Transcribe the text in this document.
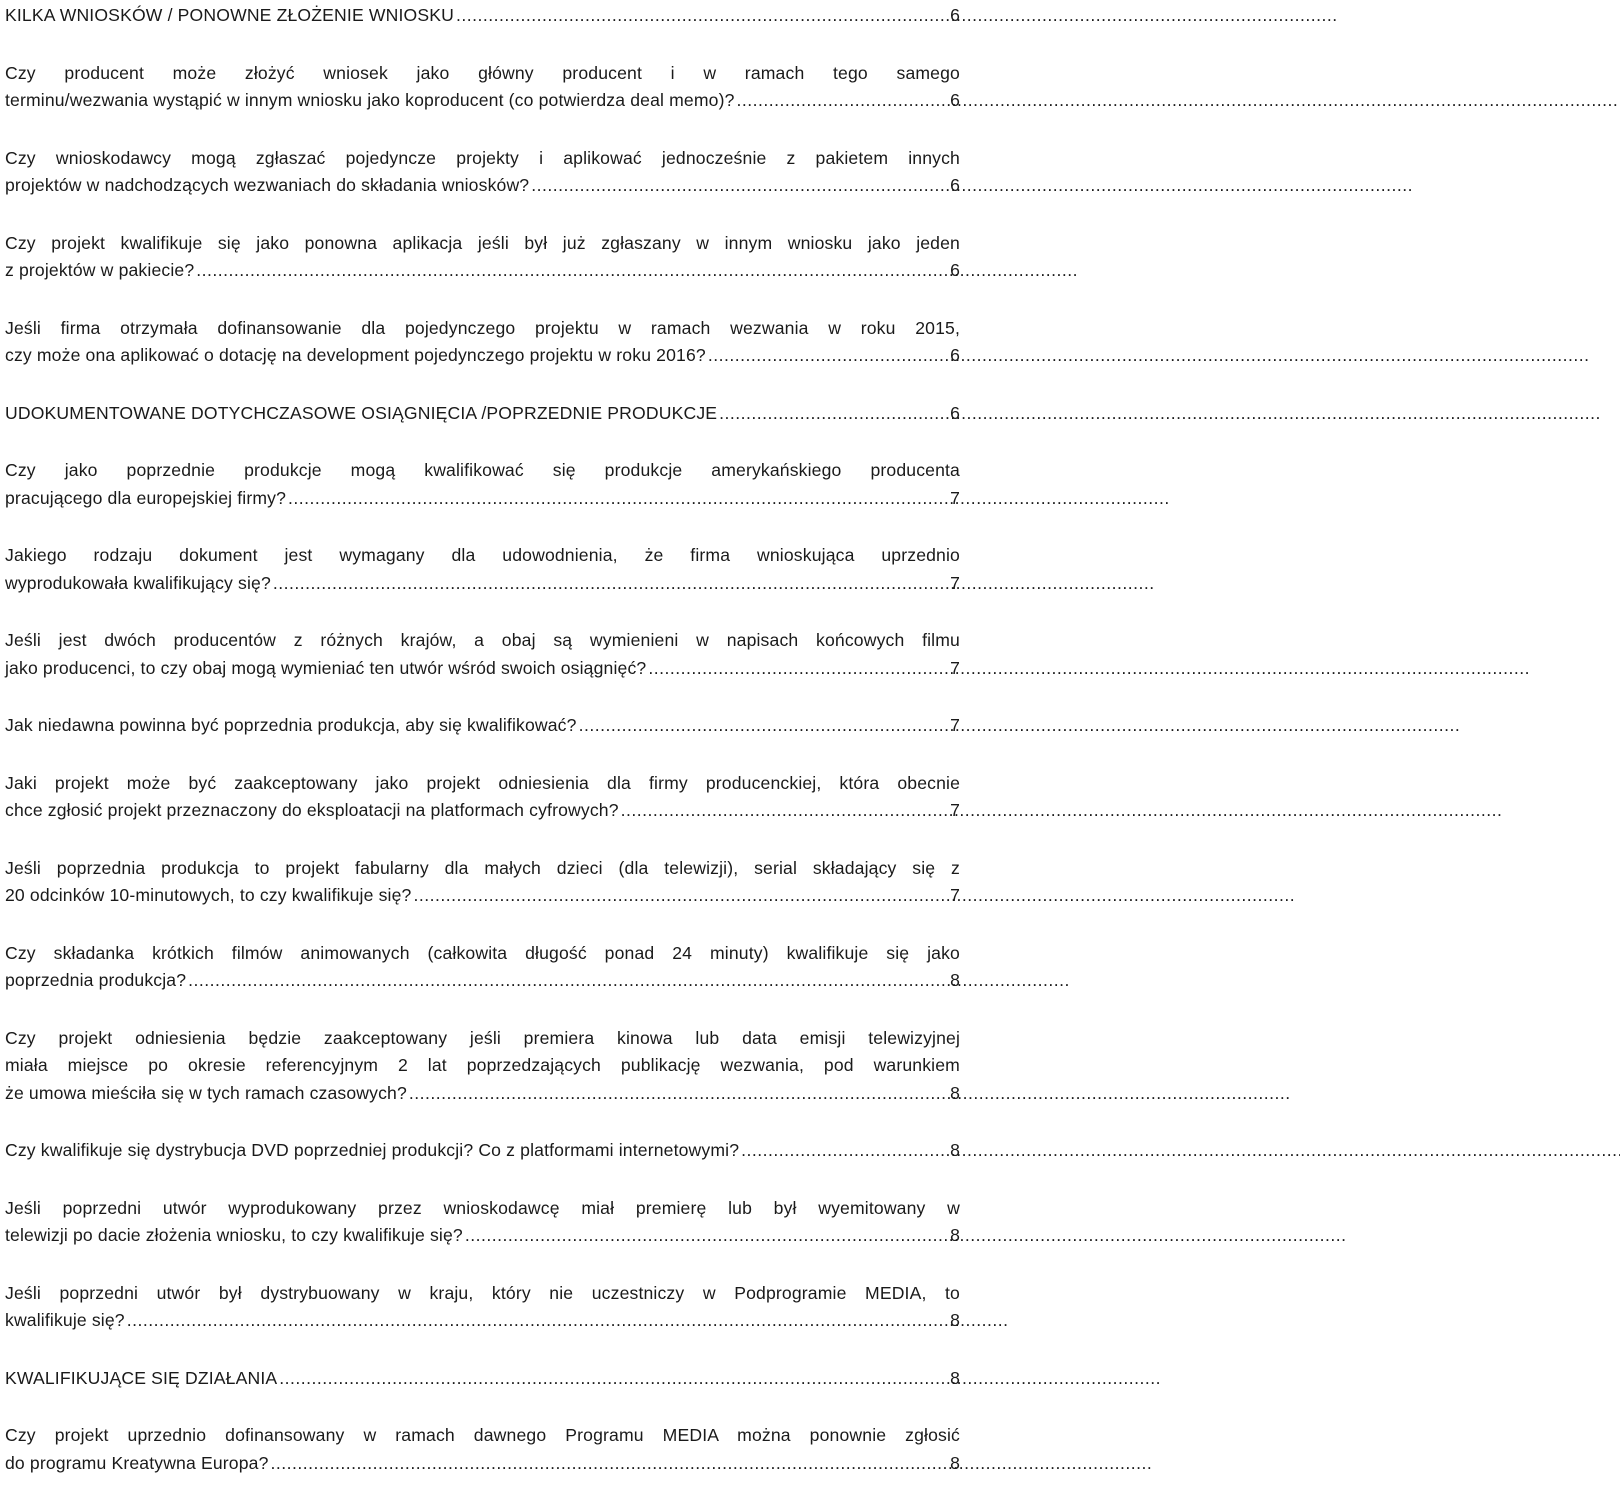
KILKA WNIOSKÓW / PONOWNE ZŁOŻENIE WNIOSKU . . .	6
Czy producent może złożyć wniosek jako główny producent i w ramach tego samego
terminu/wezwania wystąpić w innym wniosku jako koproducent (co potwierdza deal memo)? . . .	6
Czy wnioskodawcy mogą zgłaszać pojedyncze projekty i aplikować jednocześnie z pakietem innych
projektów w nadchodzących wezwaniach do składania wniosków? . . .	6
Czy projekt kwalifikuje się jako ponowna aplikacja jeśli był już zgłaszany w innym wniosku jako jeden
z projektów w pakiecie? . . .	6
Jeśli firma otrzymała dofinansowanie dla pojedynczego projektu w ramach wezwania w roku 2015,
czy może ona aplikować o dotację na development pojedynczego projektu w roku 2016? . . .	6
UDOKUMENTOWANE DOTYCHCZASOWE OSIĄGNIĘCIA /POPRZEDNIE PRODUKCJE . . .	6
Czy jako poprzednie produkcje mogą kwalifikować się produkcje amerykańskiego producenta
pracującego dla europejskiej firmy? . . .	7
Jakiego rodzaju dokument jest wymagany dla udowodnienia, że firma wnioskująca uprzednio
wyprodukowała kwalifikujący się? . . .	7
Jeśli jest dwóch producentów z różnych krajów, a obaj są wymienieni w napisach końcowych filmu
jako producenci, to czy obaj mogą wymieniać ten utwór wśród swoich osiągnięć? . . .	7
Jak niedawna powinna być poprzednia produkcja, aby się kwalifikować? . . .	7
Jaki projekt może być zaakceptowany jako projekt odniesienia dla firmy producenckiej, która obecnie
chce zgłosić projekt przeznaczony do eksploatacji na platformach cyfrowych? . . .	7
Jeśli poprzednia produkcja to projekt fabularny dla małych dzieci (dla telewizji), serial składający się z
20 odcinków 10-minutowych, to czy kwalifikuje się? . . .	7
Czy składanka krótkich filmów animowanych (całkowita długość ponad 24 minuty) kwalifikuje się jako
poprzednia produkcja? . . .	8
Czy projekt odniesienia będzie zaakceptowany jeśli premiera kinowa lub data emisji telewizyjnej
miała miejsce po okresie referencyjnym 2 lat poprzedzających publikację wezwania, pod warunkiem
że umowa mieściła się w tych ramach czasowych? . . .	8
Czy kwalifikuje się dystrybucja DVD poprzedniej produkcji? Co z platformami internetowymi? . . .	8
Jeśli poprzedni utwór wyprodukowany przez wnioskodawcę miał premierę lub był wyemitowany w
telewizji po dacie złożenia wniosku, to czy kwalifikuje się? . . .	8
Jeśli poprzedni utwór był dystrybuowany w kraju, który nie uczestniczy w Podprogramie MEDIA, to
kwalifikuje się? . . .	8
KWALIFIKUJĄCE SIĘ DZIAŁANIA . . .	8
Czy projekt uprzednio dofinansowany w ramach dawnego Programu MEDIA można ponownie zgłosić
do programu Kreatywna Europa? . . .	8
